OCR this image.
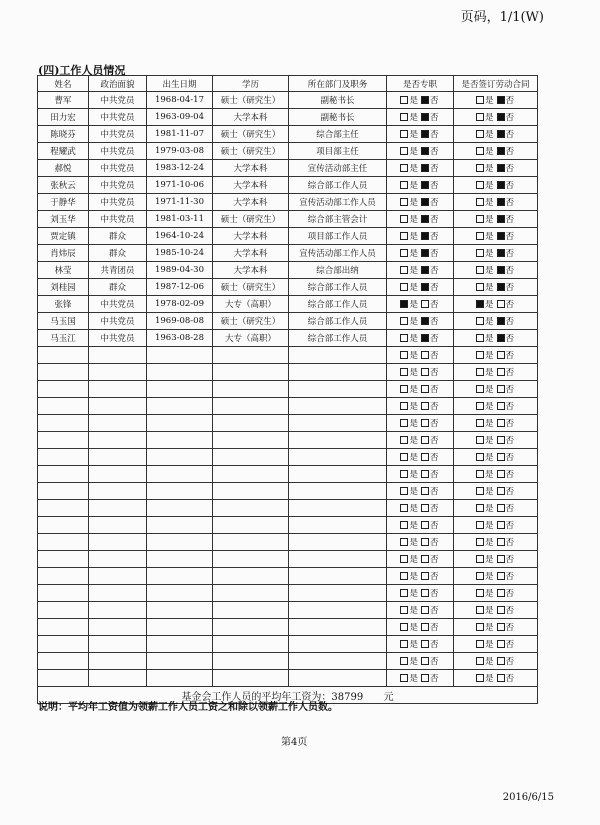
页码，1/1(W)
(四)工作人员情况
姓名	政治面貌	出生日期	学历	所在部门及职务	是否专职	是否签订劳动合同
曹军	中共党员	1968-04-17	硕士（研究生）	副秘书长	是 否	是 否
田力宏	中共党员	1963-09-04	大学本科	副秘书长	是 否	是 否
陈晓芬	中共党员	1981-11-07	硕士（研究生）	综合部主任	是 否	是 否
程耀武	中共党员	1979-03-08	硕士（研究生）	项目部主任	是 否	是 否
郝悦	中共党员	1983-12-24	大学本科	宣传活动部主任	是 否	是 否
张秋云	中共党员	1971-10-06	大学本科	综合部工作人员	是 否	是 否
于静华	中共党员	1971-11-30	大学本科	宣传活动部工作人员	是 否	是 否
刘玉华	中共党员	1981-03-11	硕士（研究生）	综合部主管会计	是 否	是 否
贾定镇	群众	1964-10-24	大学本科	项目部工作人员	是 否	是 否
肖炜辰	群众	1985-10-24	大学本科	宣传活动部工作人员	是 否	是 否
林莹	共青团员	1989-04-30	大学本科	综合部出纳	是 否	是 否
刘桂园	群众	1987-12-06	硕士（研究生）	综合部工作人员	是 否	是 否
张锋	中共党员	1978-02-09	大专（高职）	综合部工作人员	是 否	是 否
马玉国	中共党员	1969-08-08	硕士（研究生）	综合部工作人员	是 否	是 否
马玉江	中共党员	1963-08-28	大专（高职）	综合部工作人员	是 否	是 否
					是 否	是 否
					是 否	是 否
					是 否	是 否
					是 否	是 否
					是 否	是 否
					是 否	是 否
					是 否	是 否
					是 否	是 否
					是 否	是 否
					是 否	是 否
					是 否	是 否
					是 否	是 否
					是 否	是 否
					是 否	是 否
					是 否	是 否
					是 否	是 否
					是 否	是 否
					是 否	是 否
					是 否	是 否
					是 否	是 否
基金会工作人员的平均年工资为：38799 元						
说明：平均年工资值为领薪工作人员工资之和除以领薪工作人员数。
第4页
2016/6/15
